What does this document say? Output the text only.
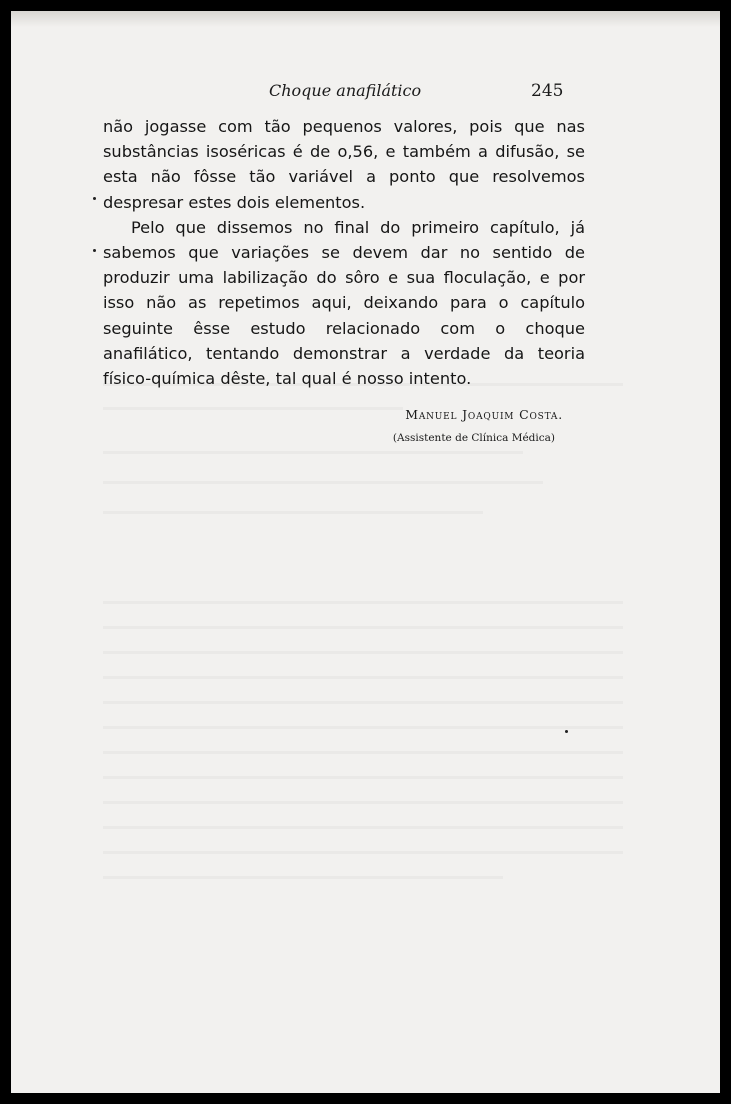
Choque anafilático	245

não jogasse com tão pequenos valores, pois que nas substâncias isoséricas é de o,56, e também a difusão, se esta não fôsse tão variável a ponto que resolvemos despresar estes dois elementos.

Pelo que dissemos no final do primeiro capítulo, já sabemos que variações se devem dar no sentido de produzir uma labilização do sôro e sua floculação, e por isso não as repetimos aqui, deixando para o capítulo seguinte êsse estudo relacionado com o choque anafilático, tentando demonstrar a verdade da teoria físico-química dêste, tal qual é nosso intento.

Manuel Joaquim Costa.
(Assistente de Clínica Médica)
